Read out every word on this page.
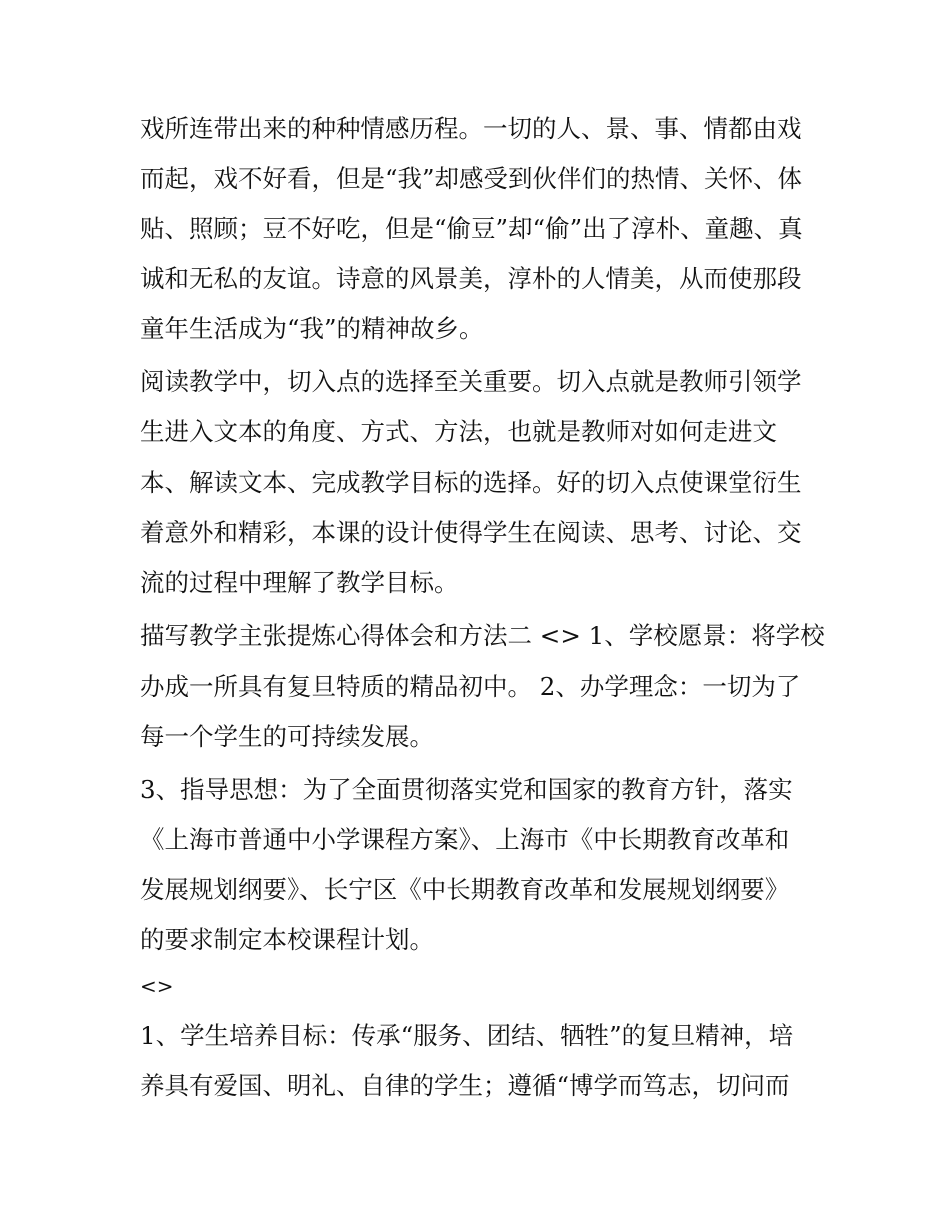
戏所连带出来的种种情感历程。一切的人、景、事、情都由戏
而起，戏不好看，但是“我”却感受到伙伴们的热情、关怀、体
贴、照顾；豆不好吃，但是“偷豆”却“偷”出了淳朴、童趣、真
诚和无私的友谊。诗意的风景美，淳朴的人情美，从而使那段
童年生活成为“我”的精神故乡。
阅读教学中，切入点的选择至关重要。切入点就是教师引领学
生进入文本的角度、方式、方法，也就是教师对如何走进文
本、解读文本、完成教学目标的选择。好的切入点使课堂衍生
着意外和精彩，本课的设计使得学生在阅读、思考、讨论、交
流的过程中理解了教学目标。
描写教学主张提炼心得体会和方法二 <> 1、学校愿景：将学校
办成一所具有复旦特质的精品初中。 2、办学理念：一切为了
每一个学生的可持续发展。
3、指导思想：为了全面贯彻落实党和国家的教育方针，落实
《上海市普通中小学课程方案》、上海市《中长期教育改革和
发展规划纲要》、长宁区《中长期教育改革和发展规划纲要》
的要求制定本校课程计划。
<>
1、学生培养目标：传承“服务、团结、牺牲”的复旦精神，培
养具有爱国、明礼、自律的学生；遵循“博学而笃志，切问而
